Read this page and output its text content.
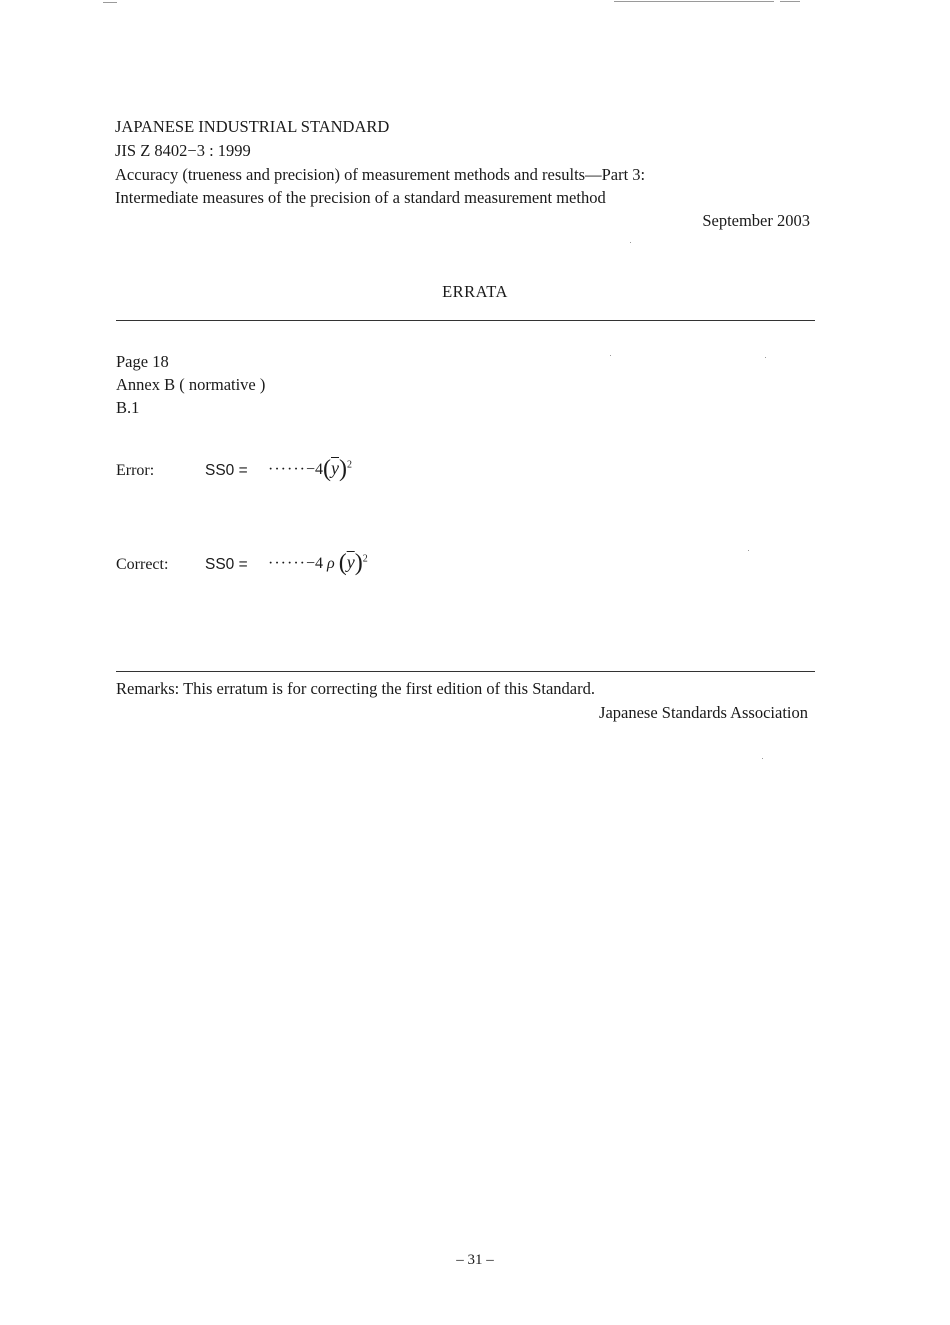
JAPANESE INDUSTRIAL STANDARD
JIS Z 8402−3 : 1999
Accuracy (trueness and precision) of measurement methods and results—Part 3:
Intermediate measures of the precision of a standard measurement method
September 2003
ERRATA
Page 18
Annex B ( normative )
B.1
Error:	$SS0 = \cdot\cdot\cdot\cdot\cdot\cdot-4(\overline{y})^2$
Correct: SS0 = ······−4 ρ $(\overline{y})^2$
Remarks: This erratum is for correcting the first edition of this Standard.
Japanese Standards Association
– 31 –
